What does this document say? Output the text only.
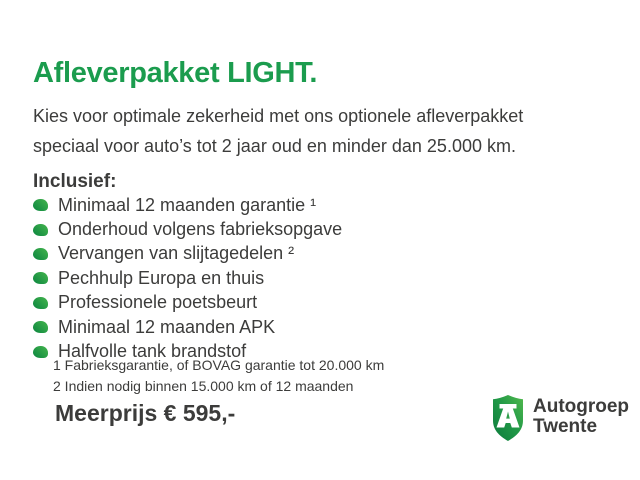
Afleverpakket LIGHT.
Kies voor optimale zekerheid met ons optionele afleverpakket
speciaal voor auto’s tot 2 jaar oud en minder dan 25.000 km.
Inclusief:
Minimaal 12 maanden garantie ¹
Onderhoud volgens fabrieksopgave
Vervangen van slijtagedelen ²
Pechhulp Europa en thuis
Professionele poetsbeurt
Minimaal 12 maanden APK
Halfvolle tank brandstof
1 Fabrieksgarantie, of BOVAG garantie tot 20.000 km
2 Indien nodig binnen 15.000 km of 12 maanden
Meerprijs € 595,-	Autogroep
Twente
